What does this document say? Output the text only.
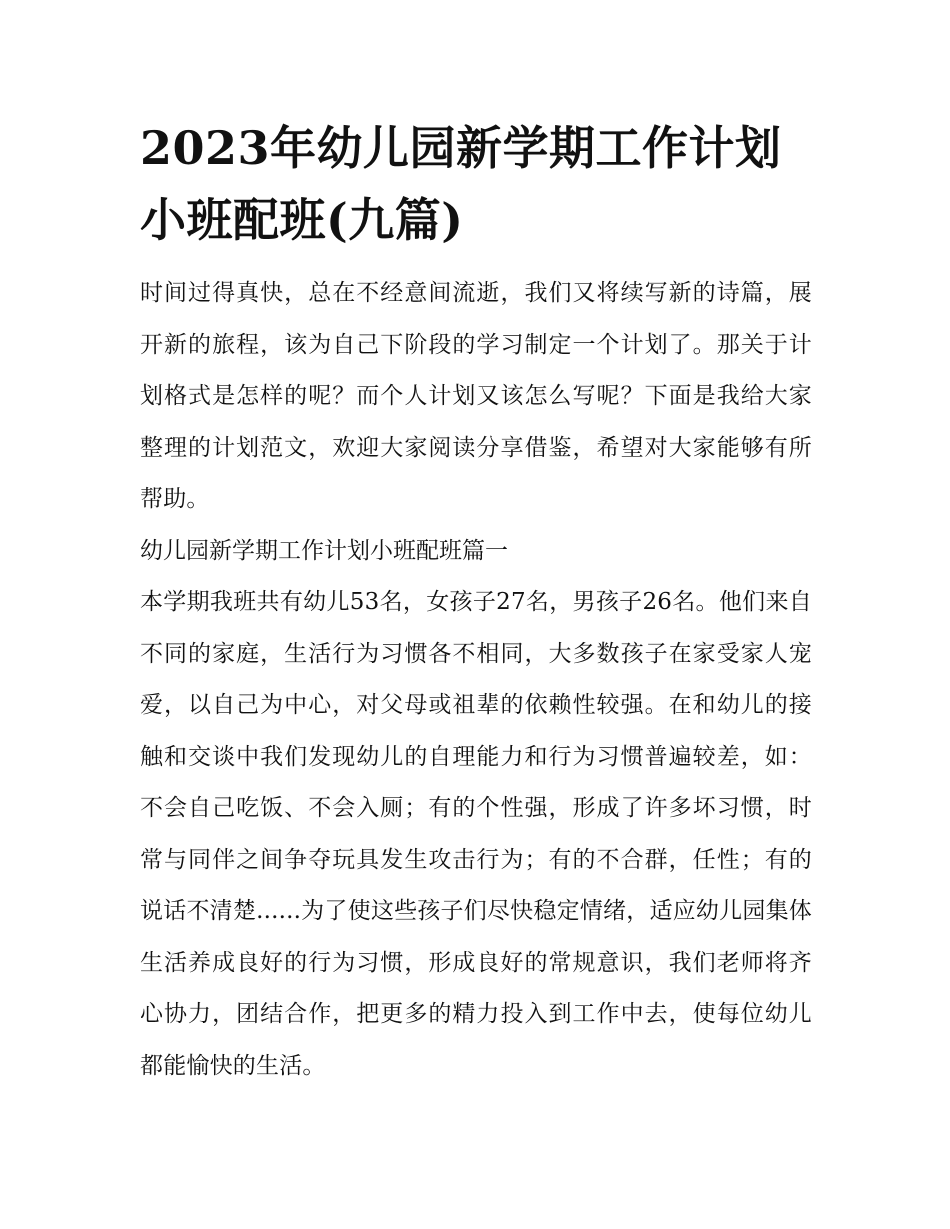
2023年幼儿园新学期工作计划小班配班(九篇)

时间过得真快，总在不经意间流逝，我们又将续写新的诗篇，展开新的旅程，该为自己下阶段的学习制定一个计划了。那关于计划格式是怎样的呢？而个人计划又该怎么写呢？下面是我给大家整理的计划范文，欢迎大家阅读分享借鉴，希望对大家能够有所帮助。

幼儿园新学期工作计划小班配班篇一

本学期我班共有幼儿53名，女孩子27名，男孩子26名。他们来自不同的家庭，生活行为习惯各不相同，大多数孩子在家受家人宠爱，以自己为中心，对父母或祖辈的依赖性较强。在和幼儿的接触和交谈中我们发现幼儿的自理能力和行为习惯普遍较差，如：不会自己吃饭、不会入厕；有的个性强，形成了许多坏习惯，时常与同伴之间争夺玩具发生攻击行为；有的不合群，任性；有的说话不清楚......为了使这些孩子们尽快稳定情绪，适应幼儿园集体生活养成良好的行为习惯，形成良好的常规意识，我们老师将齐心协力，团结合作，把更多的精力投入到工作中去，使每位幼儿都能愉快的生活。
